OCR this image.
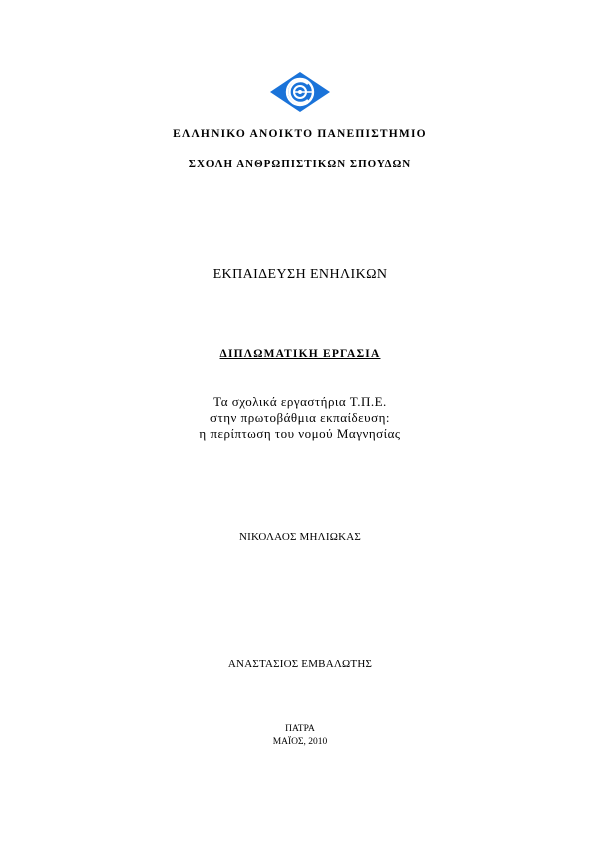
ΕΛΛΗΝΙΚΟ ΑΝΟΙΚΤΟ ΠΑΝΕΠΙΣΤΗΜΙΟ
ΣΧΟΛΗ ΑΝΘΡΩΠΙΣΤΙΚΩΝ ΣΠΟΥΔΩΝ
ΕΚΠΑΙΔΕΥΣΗ ΕΝΗΛΙΚΩΝ
ΔΙΠΛΩΜΑΤΙΚΗ ΕΡΓΑΣΙΑ
Τα σχολικά εργαστήρια Τ.Π.Ε.
στην πρωτοβάθμια εκπαίδευση:
η περίπτωση του νομού Μαγνησίας
ΝΙΚΟΛΑΟΣ ΜΗΛΙΩΚΑΣ
ΑΝΑΣΤΑΣΙΟΣ ΕΜΒΑΛΩΤΗΣ
ΠΑΤΡΑ
ΜΑΪΟΣ, 2010
